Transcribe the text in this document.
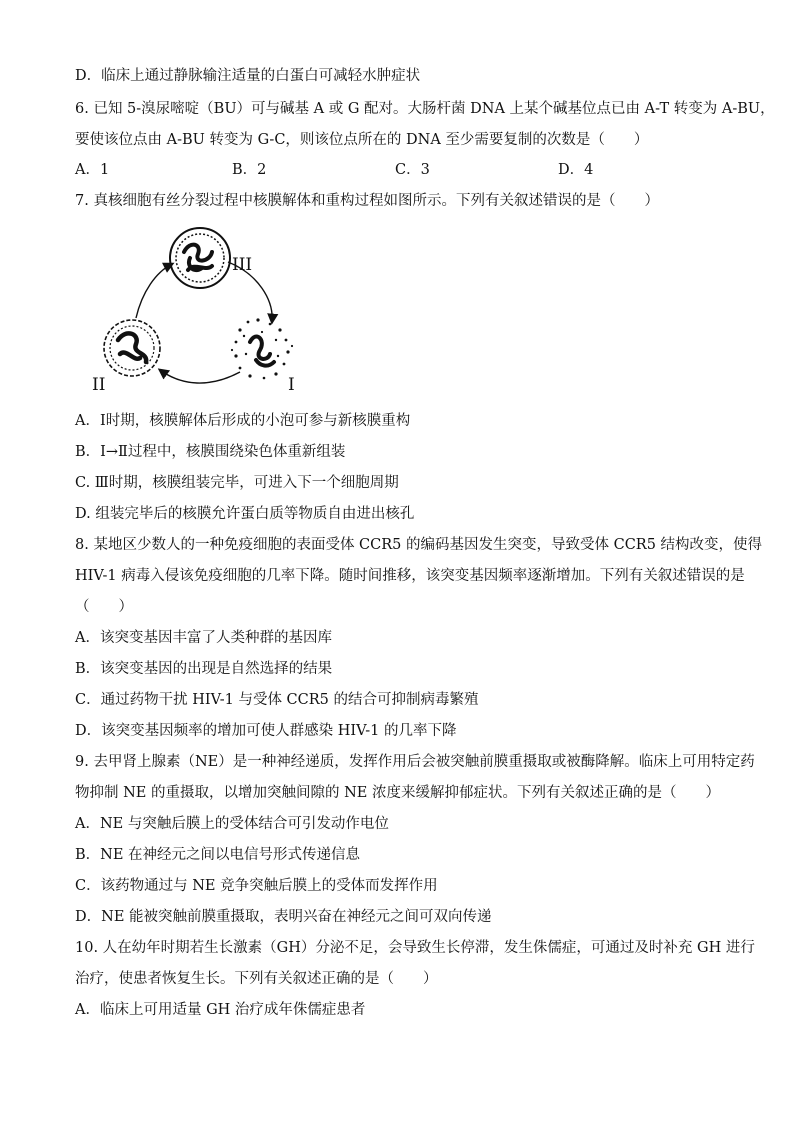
D．临床上通过静脉输注适量的白蛋白可减轻水肿症状
6. 已知 5-溴尿嘧啶（BU）可与碱基 A 或 G 配对。大肠杆菌 DNA 上某个碱基位点已由 A-T 转变为 A-BU，
要使该位点由 A-BU 转变为 G-C，则该位点所在的 DNA 至少需要复制的次数是（　　）
A．1	B．2	C．3	D．4
7. 真核细胞有丝分裂过程中核膜解体和重构过程如图所示。下列有关叙述错误的是（　　）
III
II	I
A．Ⅰ时期，核膜解体后形成的小泡可参与新核膜重构
B．Ⅰ→Ⅱ过程中，核膜围绕染色体重新组装
C. Ⅲ时期，核膜组装完毕，可进入下一个细胞周期
D. 组装完毕后的核膜允许蛋白质等物质自由进出核孔
8. 某地区少数人的一种免疫细胞的表面受体 CCR5 的编码基因发生突变，导致受体 CCR5 结构改变，使得
HIV-1 病毒入侵该免疫细胞的几率下降。随时间推移，该突变基因频率逐渐增加。下列有关叙述错误的是
（　　）
A．该突变基因丰富了人类种群的基因库
B．该突变基因的出现是自然选择的结果
C．通过药物干扰 HIV-1 与受体 CCR5 的结合可抑制病毒繁殖
D．该突变基因频率的增加可使人群感染 HIV-1 的几率下降
9. 去甲肾上腺素（NE）是一种神经递质，发挥作用后会被突触前膜重摄取或被酶降解。临床上可用特定药
物抑制 NE 的重摄取，以增加突触间隙的 NE 浓度来缓解抑郁症状。下列有关叙述正确的是（　　）
A．NE 与突触后膜上的受体结合可引发动作电位
B．NE 在神经元之间以电信号形式传递信息
C．该药物通过与 NE 竞争突触后膜上的受体而发挥作用
D．NE 能被突触前膜重摄取，表明兴奋在神经元之间可双向传递
10. 人在幼年时期若生长激素（GH）分泌不足，会导致生长停滞，发生侏儒症，可通过及时补充 GH 进行
治疗，使患者恢复生长。下列有关叙述正确的是（　　）
A．临床上可用适量 GH 治疗成年侏儒症患者
